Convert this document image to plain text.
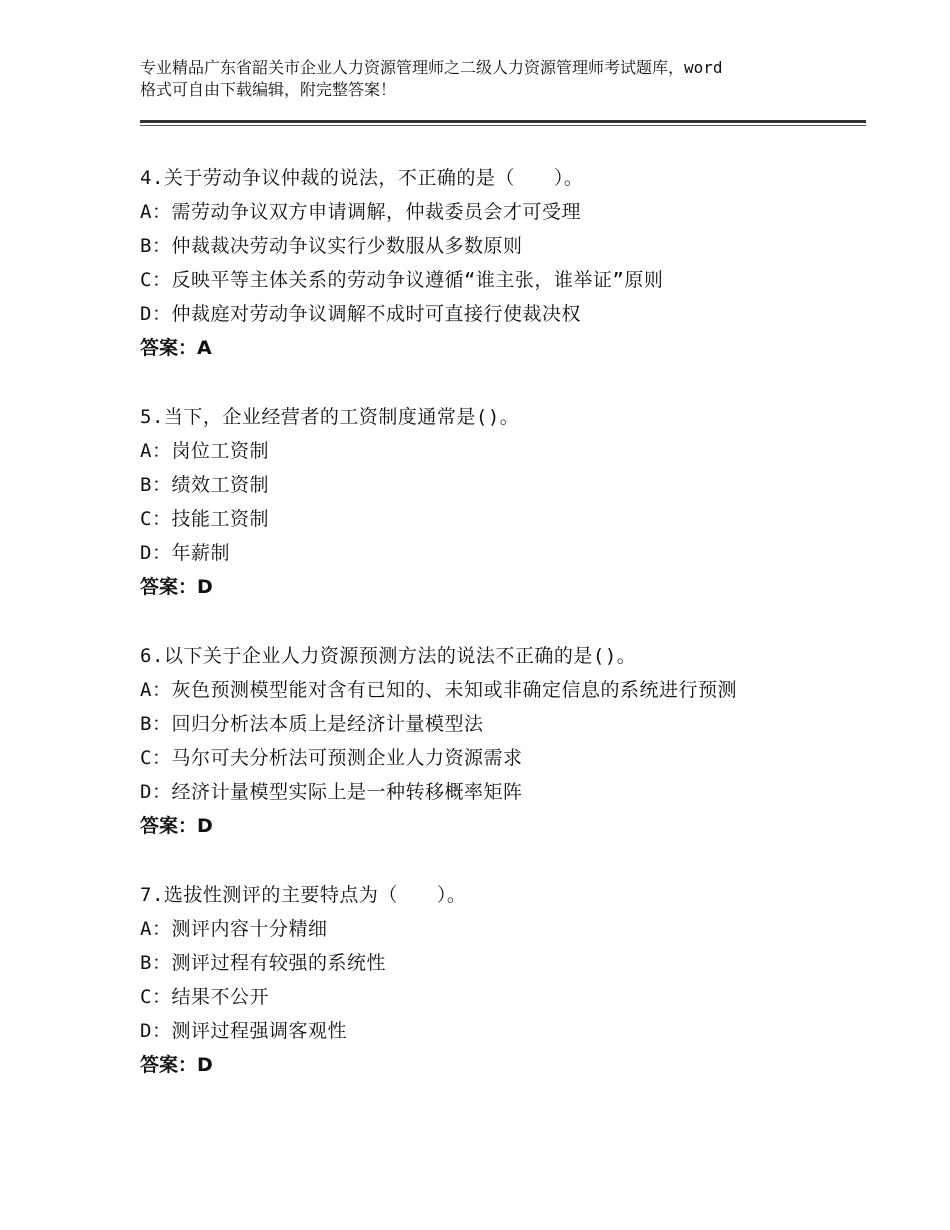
专业精品广东省韶关市企业人力资源管理师之二级人力资源管理师考试题库，word
格式可自由下载编辑，附完整答案！
4.关于劳动争议仲裁的说法，不正确的是（　　）。
A：需劳动争议双方申请调解，仲裁委员会才可受理
B：仲裁裁决劳动争议实行少数服从多数原则
C：反映平等主体关系的劳动争议遵循“谁主张，谁举证”原则
D：仲裁庭对劳动争议调解不成时可直接行使裁决权
答案：A
5.当下，企业经营者的工资制度通常是()。
A：岗位工资制
B：绩效工资制
C：技能工资制
D：年薪制
答案：D
6.以下关于企业人力资源预测方法的说法不正确的是()。
A：灰色预测模型能对含有已知的、未知或非确定信息的系统进行预测
B：回归分析法本质上是经济计量模型法
C：马尔可夫分析法可预测企业人力资源需求
D：经济计量模型实际上是一种转移概率矩阵
答案：D
7.选拔性测评的主要特点为（　　）。
A：测评内容十分精细
B：测评过程有较强的系统性
C：结果不公开
D：测评过程强调客观性
答案：D
